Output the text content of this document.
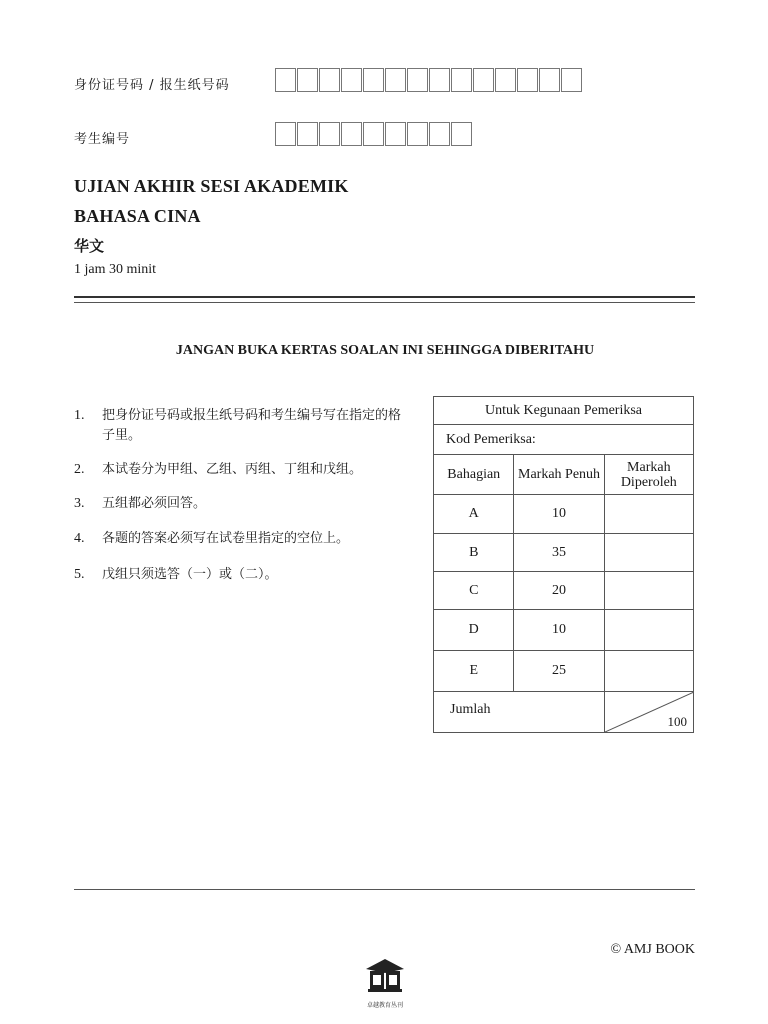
身份证号码 / 报生纸号码
考生编号
UJIAN AKHIR SESI AKADEMIK
BAHASA CINA
华文
1 jam 30 minit
JANGAN BUKA KERTAS SOALAN INI SEHINGGA DIBERITAHU
1. 把身份证号码或报生纸号码和考生编号写在指定的格子里。
2. 本试卷分为甲组、乙组、丙组、丁组和戊组。
3. 五组都必须回答。
4. 各题的答案必须写在试卷里指定的空位上。
5. 戊组只须选答（一）或（二）。
Untuk Kegunaan Pemeriksa		
Kod Pemeriksa:		
Bahagian	Markah Penuh	Markah Diperoleh
A	10	
B	35	
C	20	
D	10	
E	25	
Jumlah		100
© AMJ BOOK
卓越教育丛刊
